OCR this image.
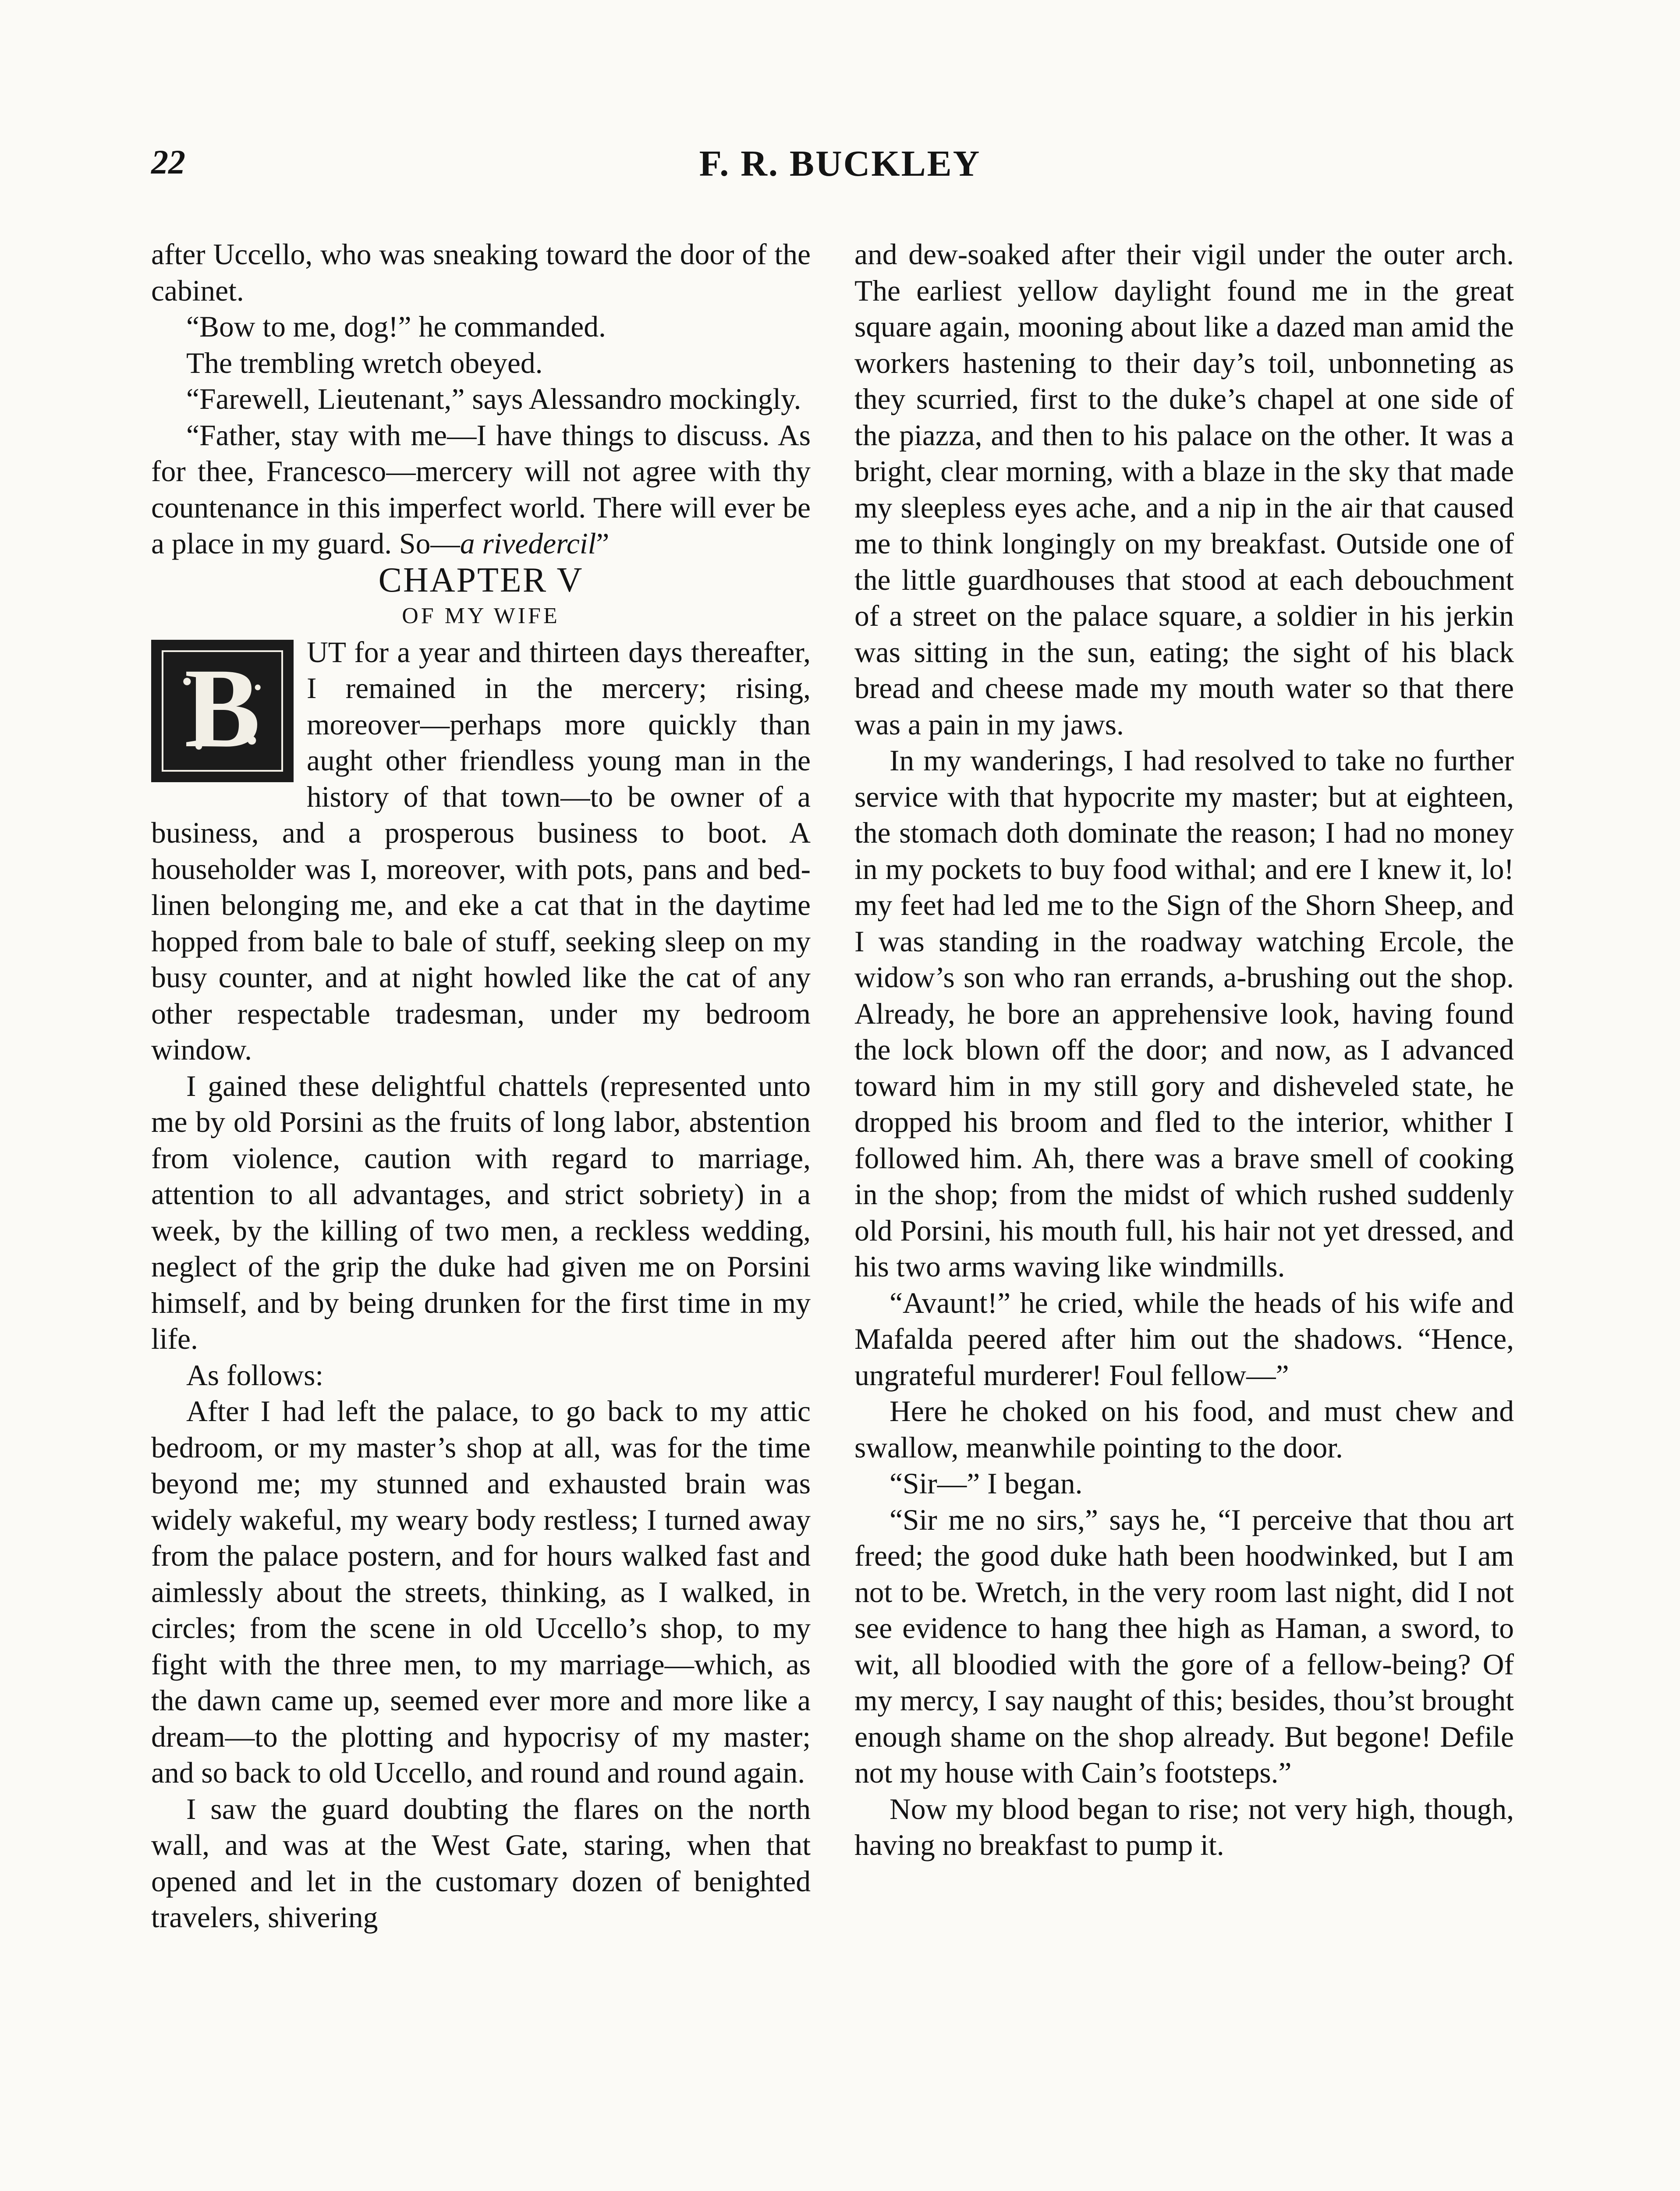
22	F. R. BUCKLEY

after Uccello, who was sneaking toward the door of the cabinet.

“Bow to me, dog!” he commanded.

The trembling wretch obeyed.

“Farewell, Lieutenant,” says Alessandro mockingly.

“Father, stay with me—I have things to discuss. As for thee, Francesco—mercery will not agree with thy countenance in this imperfect world. There will ever be a place in my guard. So—a rivedercil”

CHAPTER V

OF MY WIFE

B	UT for a year and thirteen days thereafter, I remained in the mercery; rising, moreover—perhaps more quickly than aught other friendless young man in the history of that town—to be owner of a business, and a prosperous business to boot. A householder was I, moreover, with pots, pans and bed-linen belonging me, and eke a cat that in the daytime hopped from bale to bale of stuff, seeking sleep on my busy counter, and at night howled like the cat of any other respectable tradesman, under my bedroom window.

I gained these delightful chattels (represented unto me by old Porsini as the fruits of long labor, abstention from violence, caution with regard to marriage, attention to all advantages, and strict sobriety) in a week, by the killing of two men, a reckless wedding, neglect of the grip the duke had given me on Porsini himself, and by being drunken for the first time in my life.

As follows:

After I had left the palace, to go back to my attic bedroom, or my master’s shop at all, was for the time beyond me; my stunned and exhausted brain was widely wakeful, my weary body restless; I turned away from the palace postern, and for hours walked fast and aimlessly about the streets, thinking, as I walked, in circles; from the scene in old Uccello’s shop, to my fight with the three men, to my marriage—which, as the dawn came up, seemed ever more and more like a dream—to the plotting and hypocrisy of my master; and so back to old Uccello, and round and round again.

I saw the guard doubting the flares on the north wall, and was at the West Gate, staring, when that opened and let in the customary dozen of benighted travelers, shivering

and dew-soaked after their vigil under the outer arch. The earliest yellow daylight found me in the great square again, mooning about like a dazed man amid the workers hastening to their day’s toil, unbonneting as they scurried, first to the duke’s chapel at one side of the piazza, and then to his palace on the other. It was a bright, clear morning, with a blaze in the sky that made my sleepless eyes ache, and a nip in the air that caused me to think longingly on my breakfast. Outside one of the little guardhouses that stood at each debouchment of a street on the palace square, a soldier in his jerkin was sitting in the sun, eating; the sight of his black bread and cheese made my mouth water so that there was a pain in my jaws.

In my wanderings, I had resolved to take no further service with that hypocrite my master; but at eighteen, the stomach doth dominate the reason; I had no money in my pockets to buy food withal; and ere I knew it, lo! my feet had led me to the Sign of the Shorn Sheep, and I was standing in the roadway watching Ercole, the widow’s son who ran errands, a-brushing out the shop. Already, he bore an apprehensive look, having found the lock blown off the door; and now, as I advanced toward him in my still gory and disheveled state, he dropped his broom and fled to the interior, whither I followed him. Ah, there was a brave smell of cooking in the shop; from the midst of which rushed suddenly old Porsini, his mouth full, his hair not yet dressed, and his two arms waving like windmills.

“Avaunt!” he cried, while the heads of his wife and Mafalda peered after him out the shadows. “Hence, ungrateful murderer! Foul fellow—”

Here he choked on his food, and must chew and swallow, meanwhile pointing to the door.

“Sir—” I began.

“Sir me no sirs,” says he, “I perceive that thou art freed; the good duke hath been hoodwinked, but I am not to be. Wretch, in the very room last night, did I not see evidence to hang thee high as Haman, a sword, to wit, all bloodied with the gore of a fellow-being? Of my mercy, I say naught of this; besides, thou’st brought enough shame on the shop already. But begone! Defile not my house with Cain’s footsteps.”

Now my blood began to rise; not very high, though, having no breakfast to pump it.
